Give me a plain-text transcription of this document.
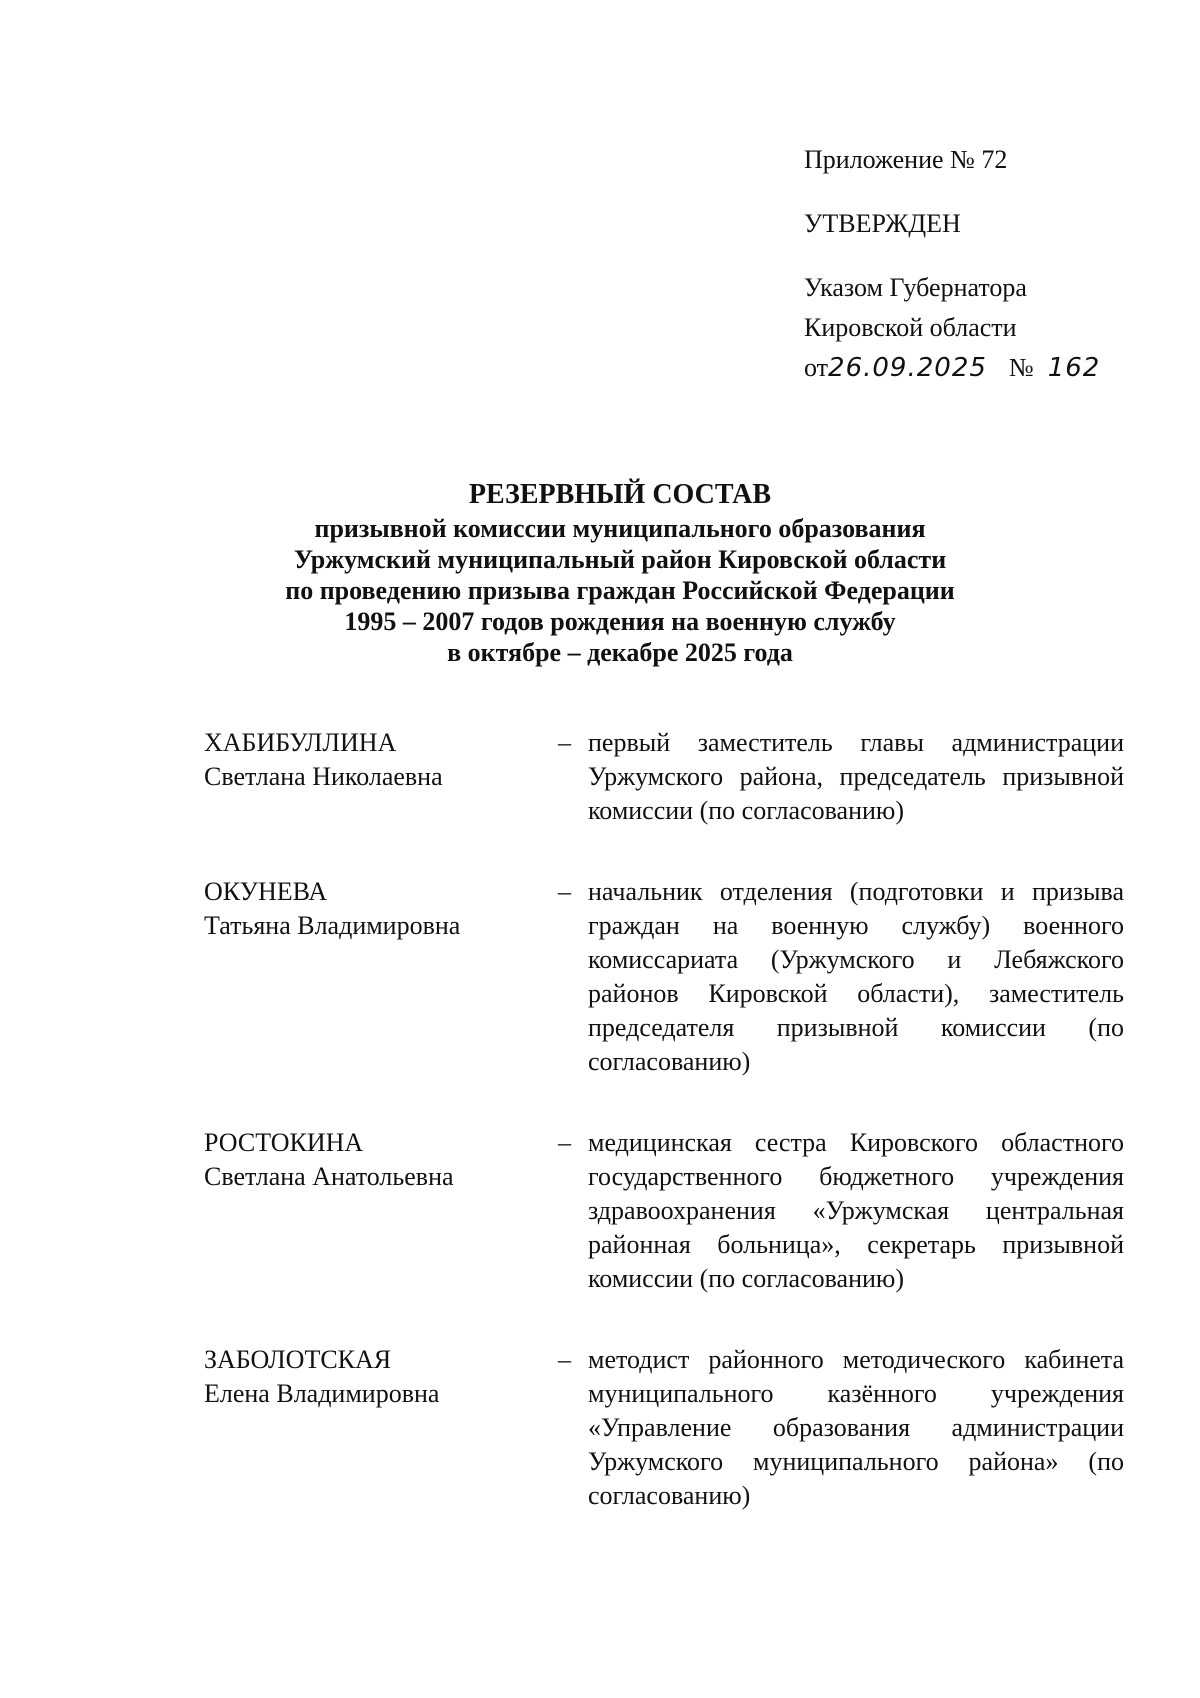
Приложение № 72
УТВЕРЖДЕН
Указом Губернатора
Кировской области
от26.09.2025 № 162
РЕЗЕРВНЫЙ СОСТАВ
призывной комиссии муниципального образования
Уржумский муниципальный район Кировской области
по проведению призыва граждан Российской Федерации
1995 – 2007 годов рождения на военную службу
в октябре – декабре 2025 года
ХАБИБУЛЛИНА
Светлана Николаевна
– первый заместитель главы администрации Уржумского района, председатель призывной комиссии (по согласованию)
ОКУНЕВА
Татьяна Владимировна
– начальник отделения (подготовки и призыва граждан на военную службу) военного комиссариата (Уржумского и Лебяжского районов Кировской области), заместитель председателя призывной комиссии (по согласованию)
РОСТОКИНА
Светлана Анатольевна
– медицинская сестра Кировского областного государственного бюджетного учреждения здравоохранения «Уржумская центральная районная больница», секретарь призывной комиссии (по согласованию)
ЗАБОЛОТСКАЯ
Елена Владимировна
– методист районного методического кабинета муниципального казённого учреждения «Управление образования администрации Уржумского муниципального района» (по согласованию)
